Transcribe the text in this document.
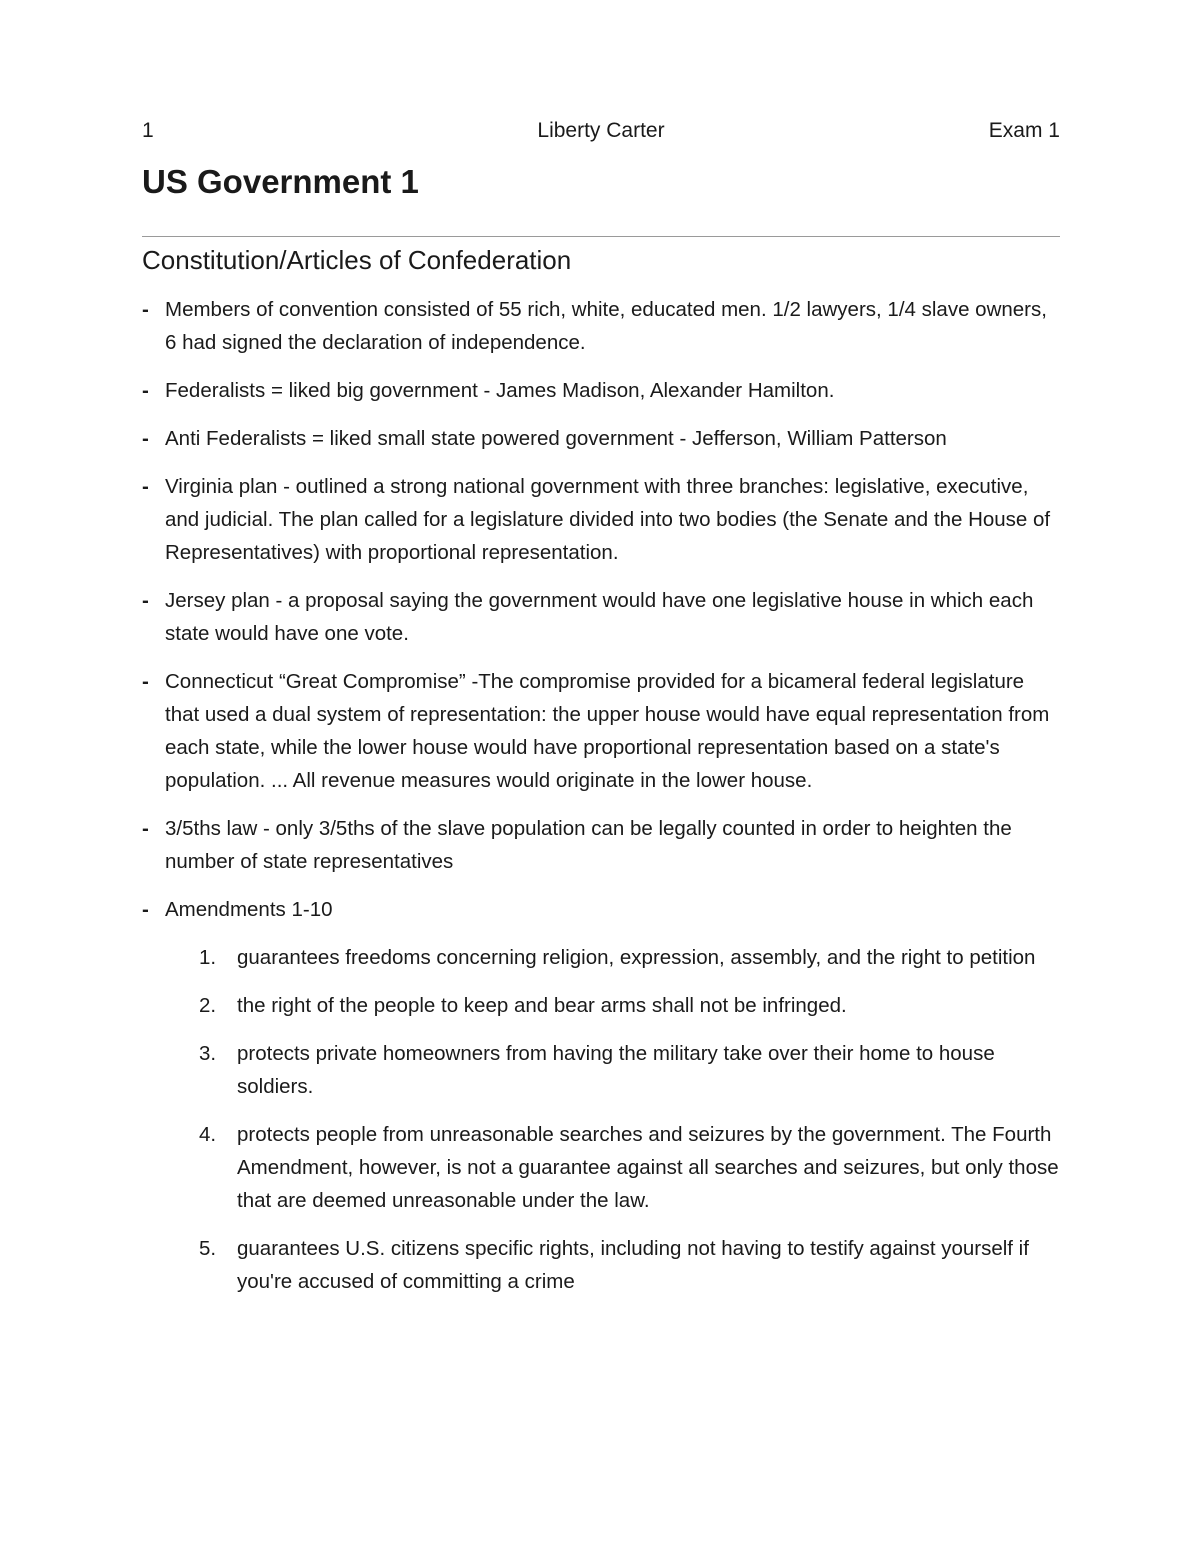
1	Liberty Carter	Exam 1
US Government 1
Constitution/Articles of Confederation
- Members of convention consisted of 55 rich, white, educated men. 1/2 lawyers, 1/4 slave owners, 6 had signed the declaration of independence.
- Federalists = liked big government - James Madison, Alexander Hamilton.
- Anti Federalists = liked small state powered government - Jefferson, William Patterson
- Virginia plan - outlined a strong national government with three branches: legislative, executive, and judicial. The plan called for a legislature divided into two bodies (the Senate and the House of Representatives) with proportional representation.
- Jersey plan - a proposal saying the government would have one legislative house in which each state would have one vote.
- Connecticut “Great Compromise” -The compromise provided for a bicameral federal legislature that used a dual system of representation: the upper house would have equal representation from each state, while the lower house would have proportional representation based on a state's population. ... All revenue measures would originate in the lower house.
- 3/5ths law - only 3/5ths of the slave population can be legally counted in order to heighten the number of state representatives
- Amendments 1-10
1. guarantees freedoms concerning religion, expression, assembly, and the right to petition
2. the right of the people to keep and bear arms shall not be infringed.
3. protects private homeowners from having the military take over their home to house soldiers.
4. protects people from unreasonable searches and seizures by the government. The Fourth Amendment, however, is not a guarantee against all searches and seizures, but only those that are deemed unreasonable under the law.
5. guarantees U.S. citizens specific rights, including not having to testify against yourself if you're accused of committing a crime
